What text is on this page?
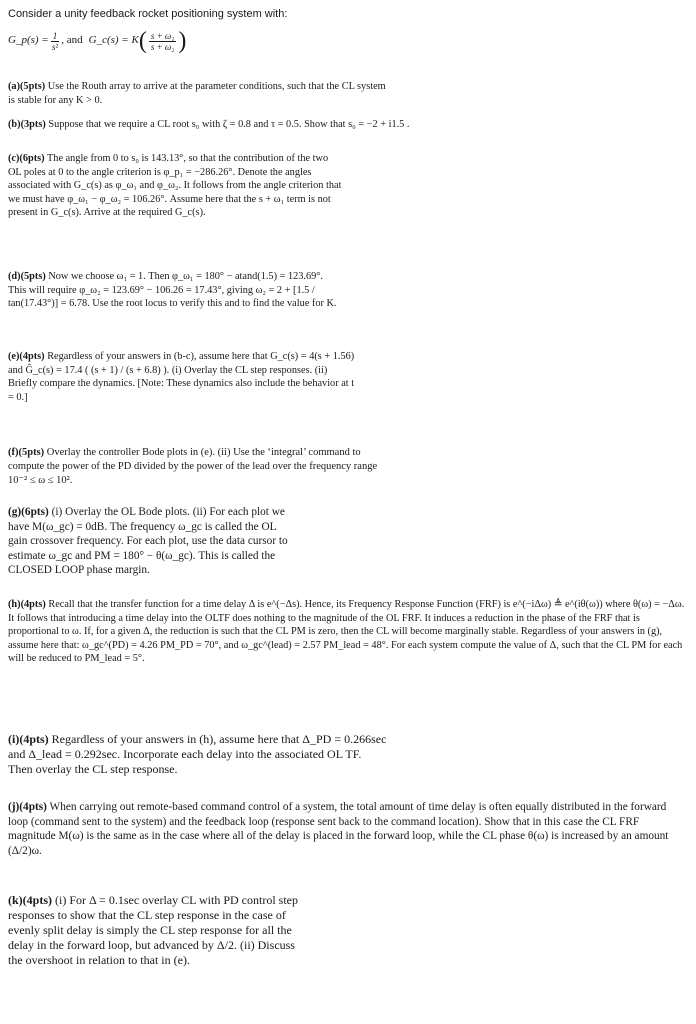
Consider a unity feedback rocket positioning system with:
G_p(s) = $\frac{1}{\text{s²}}$ , and G_c(s) = K ( $\frac{\text{s + ω₁}}{\text{s + ω₂}}$ )

(a)(5pts) Use the Routh array to arrive at the parameter conditions, such that the CL system is stable for any K > 0.

(b)(3pts) Suppose that we require a CL root s₀ with ζ = 0.8 and τ = 0.5. Show that s₀ = −2 + i1.5 .

(c)(6pts) The angle from 0 to s₀ is 143.13°, so that the contribution of the two OL poles at 0 to the angle criterion is φ_p₁ = −286.26°. Denote the angles associated with G_c(s) as φ_ω₁ and φ_ω₂. It follows from the angle criterion that we must have φ_ω₁ − φ_ω₂ = 106.26°. Assume here that the s + ω₁ term is not present in G_c(s). Arrive at the required G_c(s).

(d)(5pts) Now we choose ω₁ = 1. Then φ_ω₁ = 180° − atand(1.5) = 123.69°. This will require φ_ω₂ = 123.69° − 106.26 = 17.43°, giving ω₂ = 2 + [1.5 / tan(17.43°)] = 6.78. Use the root locus to verify this and to find the value for K.

(e)(4pts) Regardless of your answers in (b-c), assume here that G_c(s) = 4(s + 1.56) and Ĝ_c(s) = 17.4 ( (s + 1) / (s + 6.8) ). (i) Overlay the CL step responses. (ii) Briefly compare the dynamics. [Note: These dynamics also include the behavior at t = 0.]

(f)(5pts) Overlay the controller Bode plots in (e). (ii) Use the ‘integral’ command to compute the power of the PD divided by the power of the lead over the frequency range 10⁻² ≤ ω ≤ 10².

(g)(6pts) (i) Overlay the OL Bode plots. (ii) For each plot we have M(ω_gc) = 0dB. The frequency ω_gc is called the OL gain crossover frequency. For each plot, use the data cursor to estimate ω_gc and PM = 180° − θ(ω_gc). This is called the CLOSED LOOP phase margin.

(h)(4pts) Recall that the transfer function for a time delay Δ is e^(−Δs). Hence, its Frequency Response Function (FRF) is e^(−iΔω) ≜ e^(iθ(ω)) where θ(ω) = −Δω. It follows that introducing a time delay into the OLTF does nothing to the magnitude of the OL FRF. It induces a reduction in the phase of the FRF that is proportional to ω. If, for a given Δ, the reduction is such that the CL PM is zero, then the CL will become marginally stable. Regardless of your answers in (g), assume here that: ω_gc^(PD) = 4.26 PM_PD = 70°, and ω_gc^(lead) = 2.57 PM_lead = 48°. For each system compute the value of Δ, such that the CL PM for each will be reduced to PM_lead = 5°.

(i)(4pts) Regardless of your answers in (h), assume here that Δ_PD = 0.266sec and Δ_lead = 0.292sec. Incorporate each delay into the associated OL TF. Then overlay the CL step response.

(j)(4pts) When carrying out remote-based command control of a system, the total amount of time delay is often equally distributed in the forward loop (command sent to the system) and the feedback loop (response sent back to the command location). Show that in this case the CL FRF magnitude M(ω) is the same as in the case where all of the delay is placed in the forward loop, while the CL phase θ(ω) is increased by an amount (Δ/2)ω.

(k)(4pts) (i) For Δ = 0.1sec overlay CL with PD control step responses to show that the CL step response in the case of evenly split delay is simply the CL step response for all the delay in the forward loop, but advanced by Δ/2. (ii) Discuss the overshoot in relation to that in (e).
